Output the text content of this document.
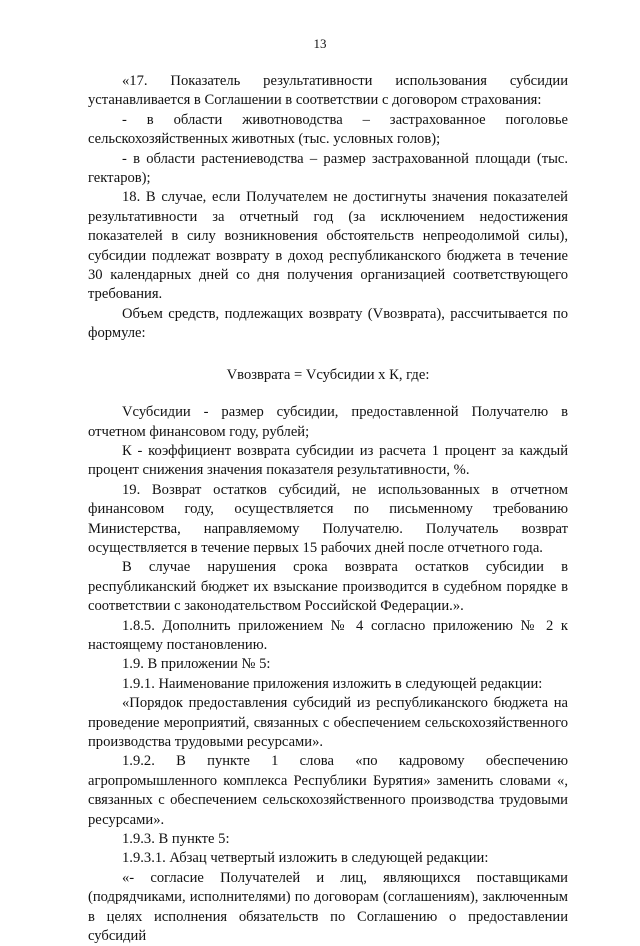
13

«17. Показатель результативности использования субсидии устанавливается в Соглашении в соответствии с договором страхования:

- в области животноводства – застрахованное поголовье сельскохозяйственных животных (тыс. условных голов);

- в области растениеводства – размер застрахованной площади (тыс. гектаров);

18. В случае, если Получателем не достигнуты значения показателей результативности за отчетный год (за исключением недостижения показателей в силу возникновения обстоятельств непреодолимой силы), субсидии подлежат возврату в доход республиканского бюджета в течение 30 календарных дней со дня получения организацией соответствующего требования.

Объем средств, подлежащих возврату (Vвозврата), рассчитывается по формуле:

Vвозврата = Vсубсидии x К, где:

Vсубсидии - размер субсидии, предоставленной Получателю в отчетном финансовом году, рублей;

К - коэффициент возврата субсидии из расчета 1 процент за каждый процент снижения значения показателя результативности, %.

19. Возврат остатков субсидий, не использованных в отчетном финансовом году, осуществляется по письменному требованию Министерства, направляемому Получателю. Получатель возврат осуществляется в течение первых 15 рабочих дней после отчетного года.

В случае нарушения срока возврата остатков субсидии в республиканский бюджет их взыскание производится в судебном порядке в соответствии с законодательством Российской Федерации.».

1.8.5. Дополнить приложением № 4 согласно приложению № 2 к настоящему постановлению.

1.9. В приложении № 5:

1.9.1. Наименование приложения изложить в следующей редакции:

«Порядок предоставления субсидий из республиканского бюджета на проведение мероприятий, связанных с обеспечением сельскохозяйственного производства трудовыми ресурсами».

1.9.2. В пункте 1 слова «по кадровому обеспечению агропромышленного комплекса Республики Бурятия» заменить словами «, связанных с обеспечением сельскохозяйственного производства трудовыми ресурсами».

1.9.3. В пункте 5:

1.9.3.1. Абзац четвертый изложить в следующей редакции:

«- согласие Получателей и лиц, являющихся поставщиками (подрядчиками, исполнителями) по договорам (соглашениям), заключенным в целях исполнения обязательств по Соглашению о предоставлении субсидий
